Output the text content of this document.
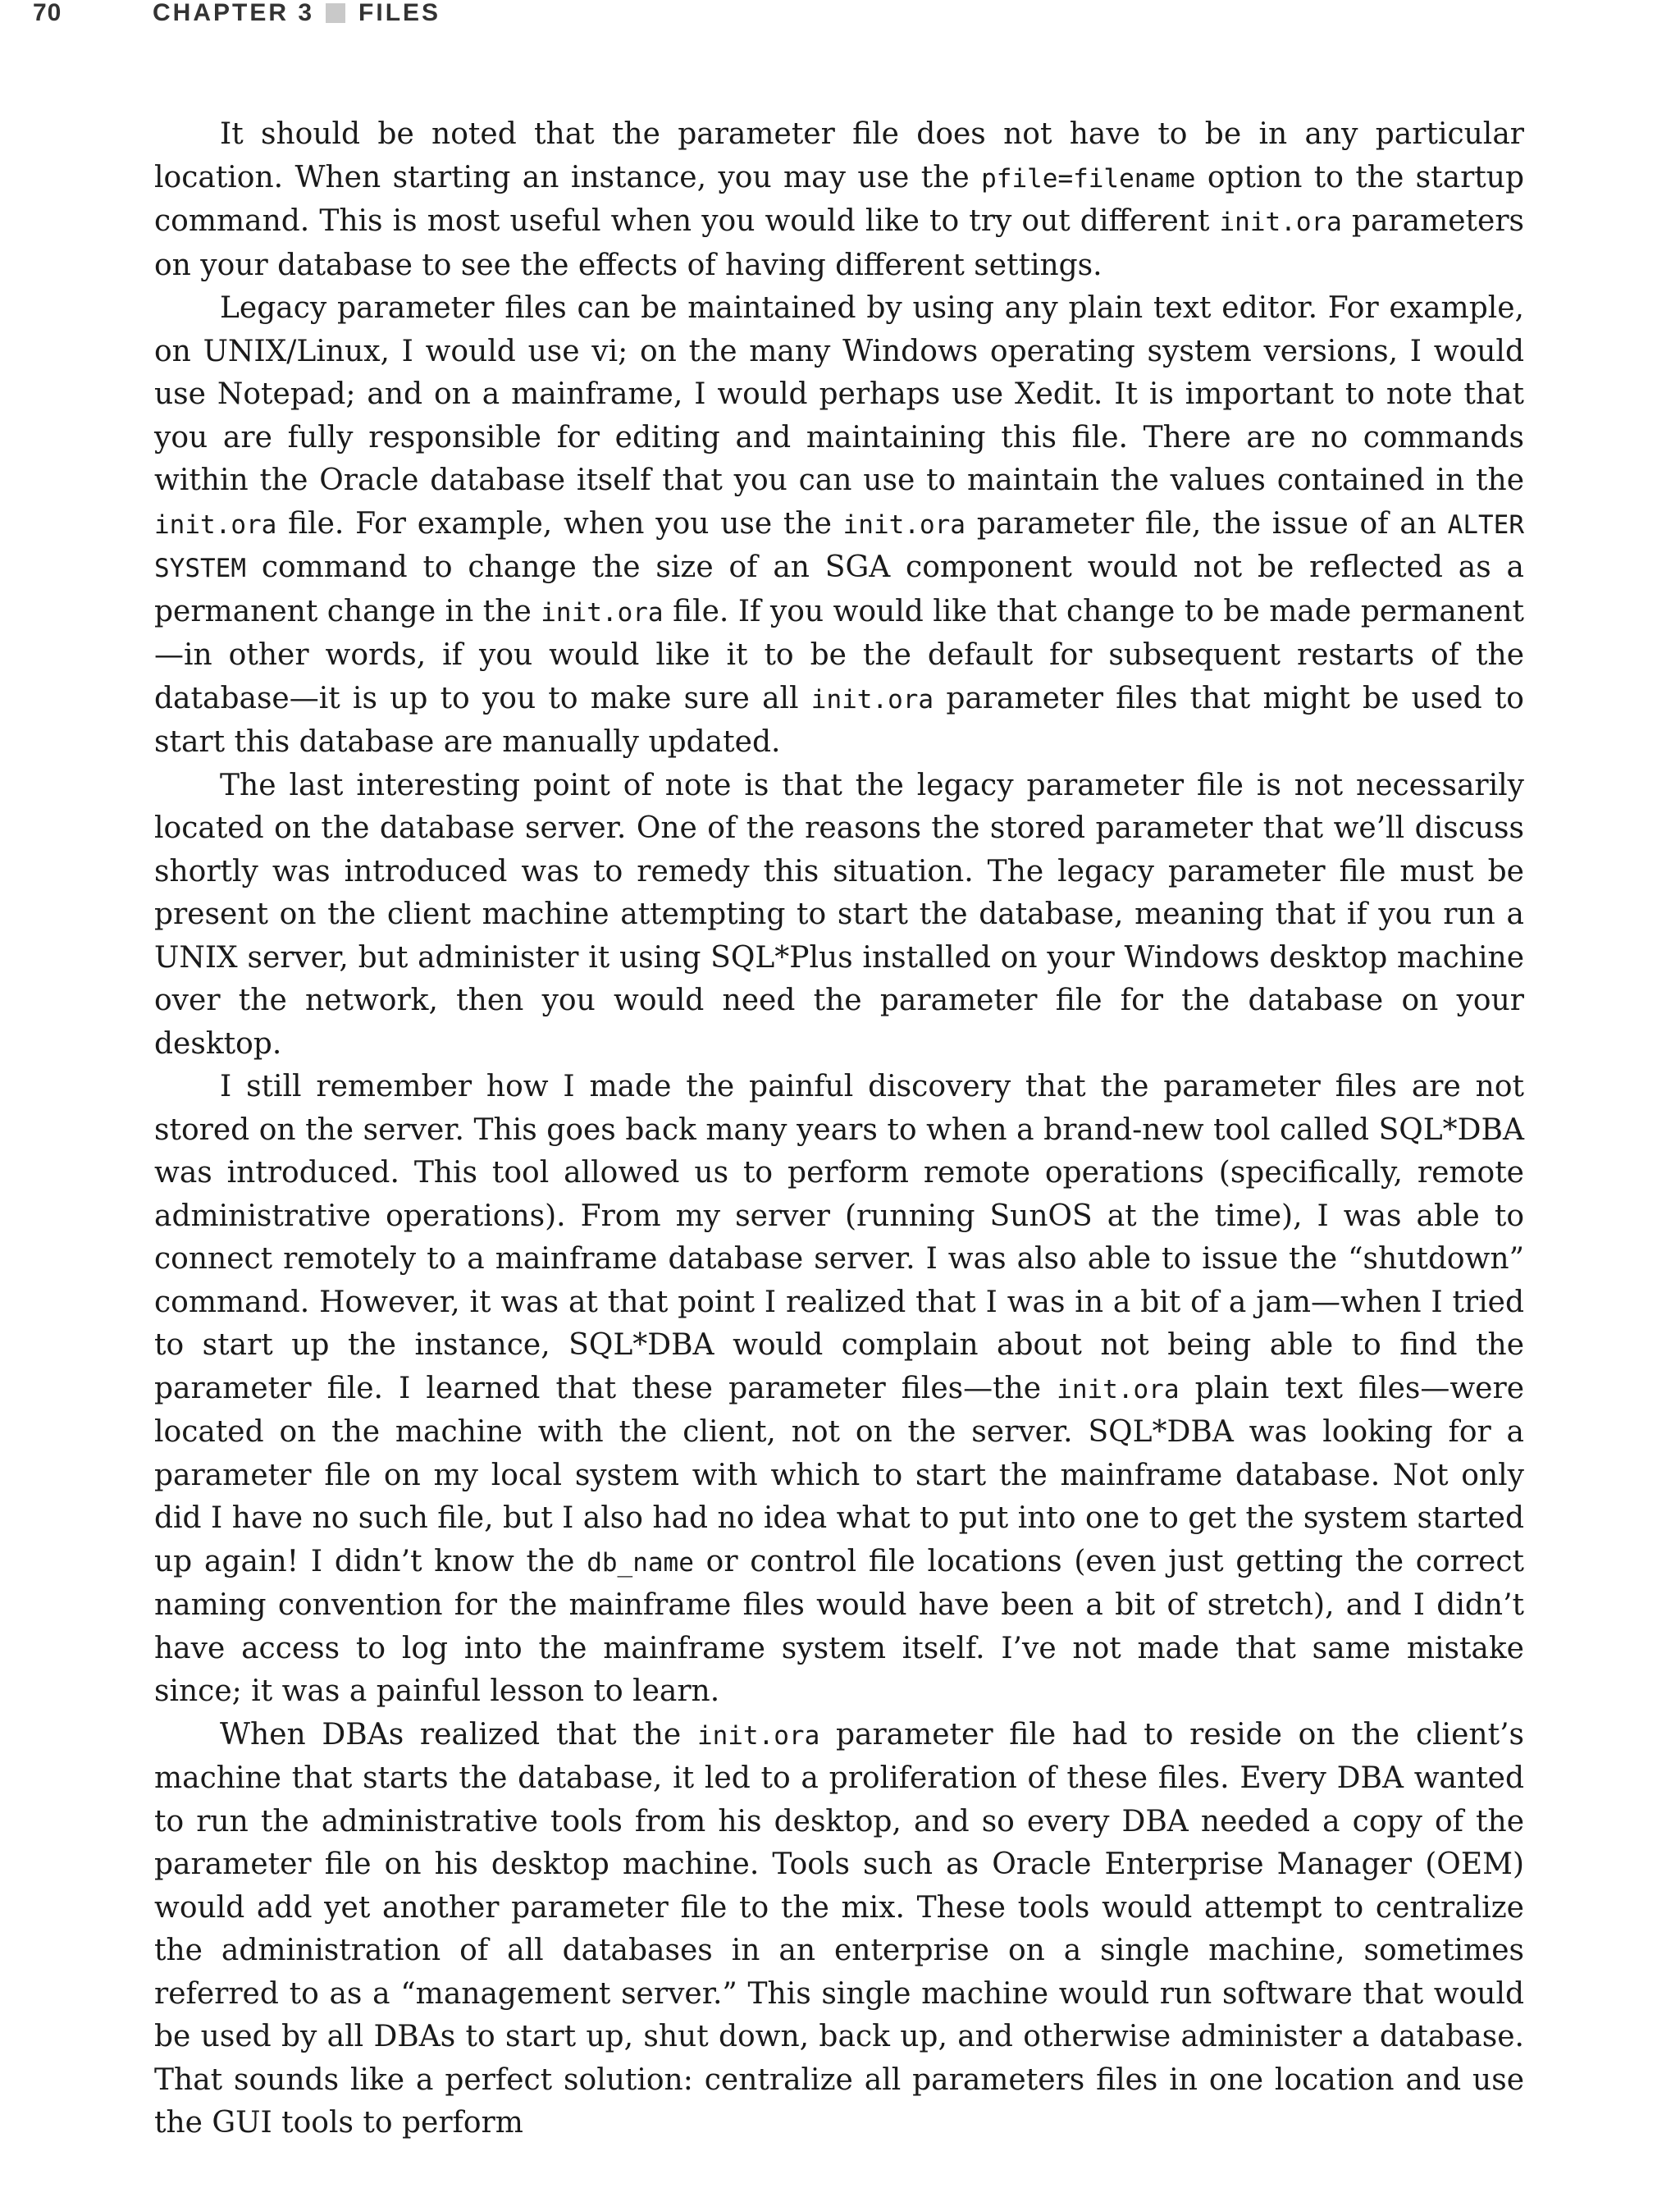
70	CHAPTER 3 FILES

It should be noted that the parameter file does not have to be in any particular location. When starting an instance, you may use the pfile=filename option to the startup command. This is most useful when you would like to try out different init.ora parameters on your database to see the effects of having different settings.

Legacy parameter files can be maintained by using any plain text editor. For example, on UNIX/Linux, I would use vi; on the many Windows operating system versions, I would use Notepad; and on a mainframe, I would perhaps use Xedit. It is important to note that you are fully responsible for editing and maintaining this file. There are no commands within the Oracle database itself that you can use to maintain the values contained in the init.ora file. For example, when you use the init.ora parameter file, the issue of an ALTER SYSTEM command to change the size of an SGA component would not be reflected as a permanent change in the init.ora file. If you would like that change to be made permanent—in other words, if you would like it to be the default for subsequent restarts of the database—it is up to you to make sure all init.ora parameter files that might be used to start this database are manually updated.

The last interesting point of note is that the legacy parameter file is not necessarily located on the database server. One of the reasons the stored parameter that we’ll discuss shortly was introduced was to remedy this situation. The legacy parameter file must be present on the client machine attempting to start the database, meaning that if you run a UNIX server, but administer it using SQL*Plus installed on your Windows desktop machine over the network, then you would need the parameter file for the database on your desktop.

I still remember how I made the painful discovery that the parameter files are not stored on the server. This goes back many years to when a brand-new tool called SQL*DBA was introduced. This tool allowed us to perform remote operations (specifically, remote administrative operations). From my server (running SunOS at the time), I was able to connect remotely to a mainframe database server. I was also able to issue the “shutdown” command. However, it was at that point I realized that I was in a bit of a jam—when I tried to start up the instance, SQL*DBA would complain about not being able to find the parameter file. I learned that these parameter files—the init.ora plain text files—were located on the machine with the client, not on the server. SQL*DBA was looking for a parameter file on my local system with which to start the mainframe database. Not only did I have no such file, but I also had no idea what to put into one to get the system started up again! I didn’t know the db_name or control file locations (even just getting the correct naming convention for the mainframe files would have been a bit of stretch), and I didn’t have access to log into the mainframe system itself. I’ve not made that same mistake since; it was a painful lesson to learn.

When DBAs realized that the init.ora parameter file had to reside on the client’s machine that starts the database, it led to a proliferation of these files. Every DBA wanted to run the administrative tools from his desktop, and so every DBA needed a copy of the parameter file on his desktop machine. Tools such as Oracle Enterprise Manager (OEM) would add yet another parameter file to the mix. These tools would attempt to centralize the administration of all databases in an enterprise on a single machine, sometimes referred to as a “management server.” This single machine would run software that would be used by all DBAs to start up, shut down, back up, and otherwise administer a database. That sounds like a perfect solution: centralize all parameters files in one location and use the GUI tools to perform
